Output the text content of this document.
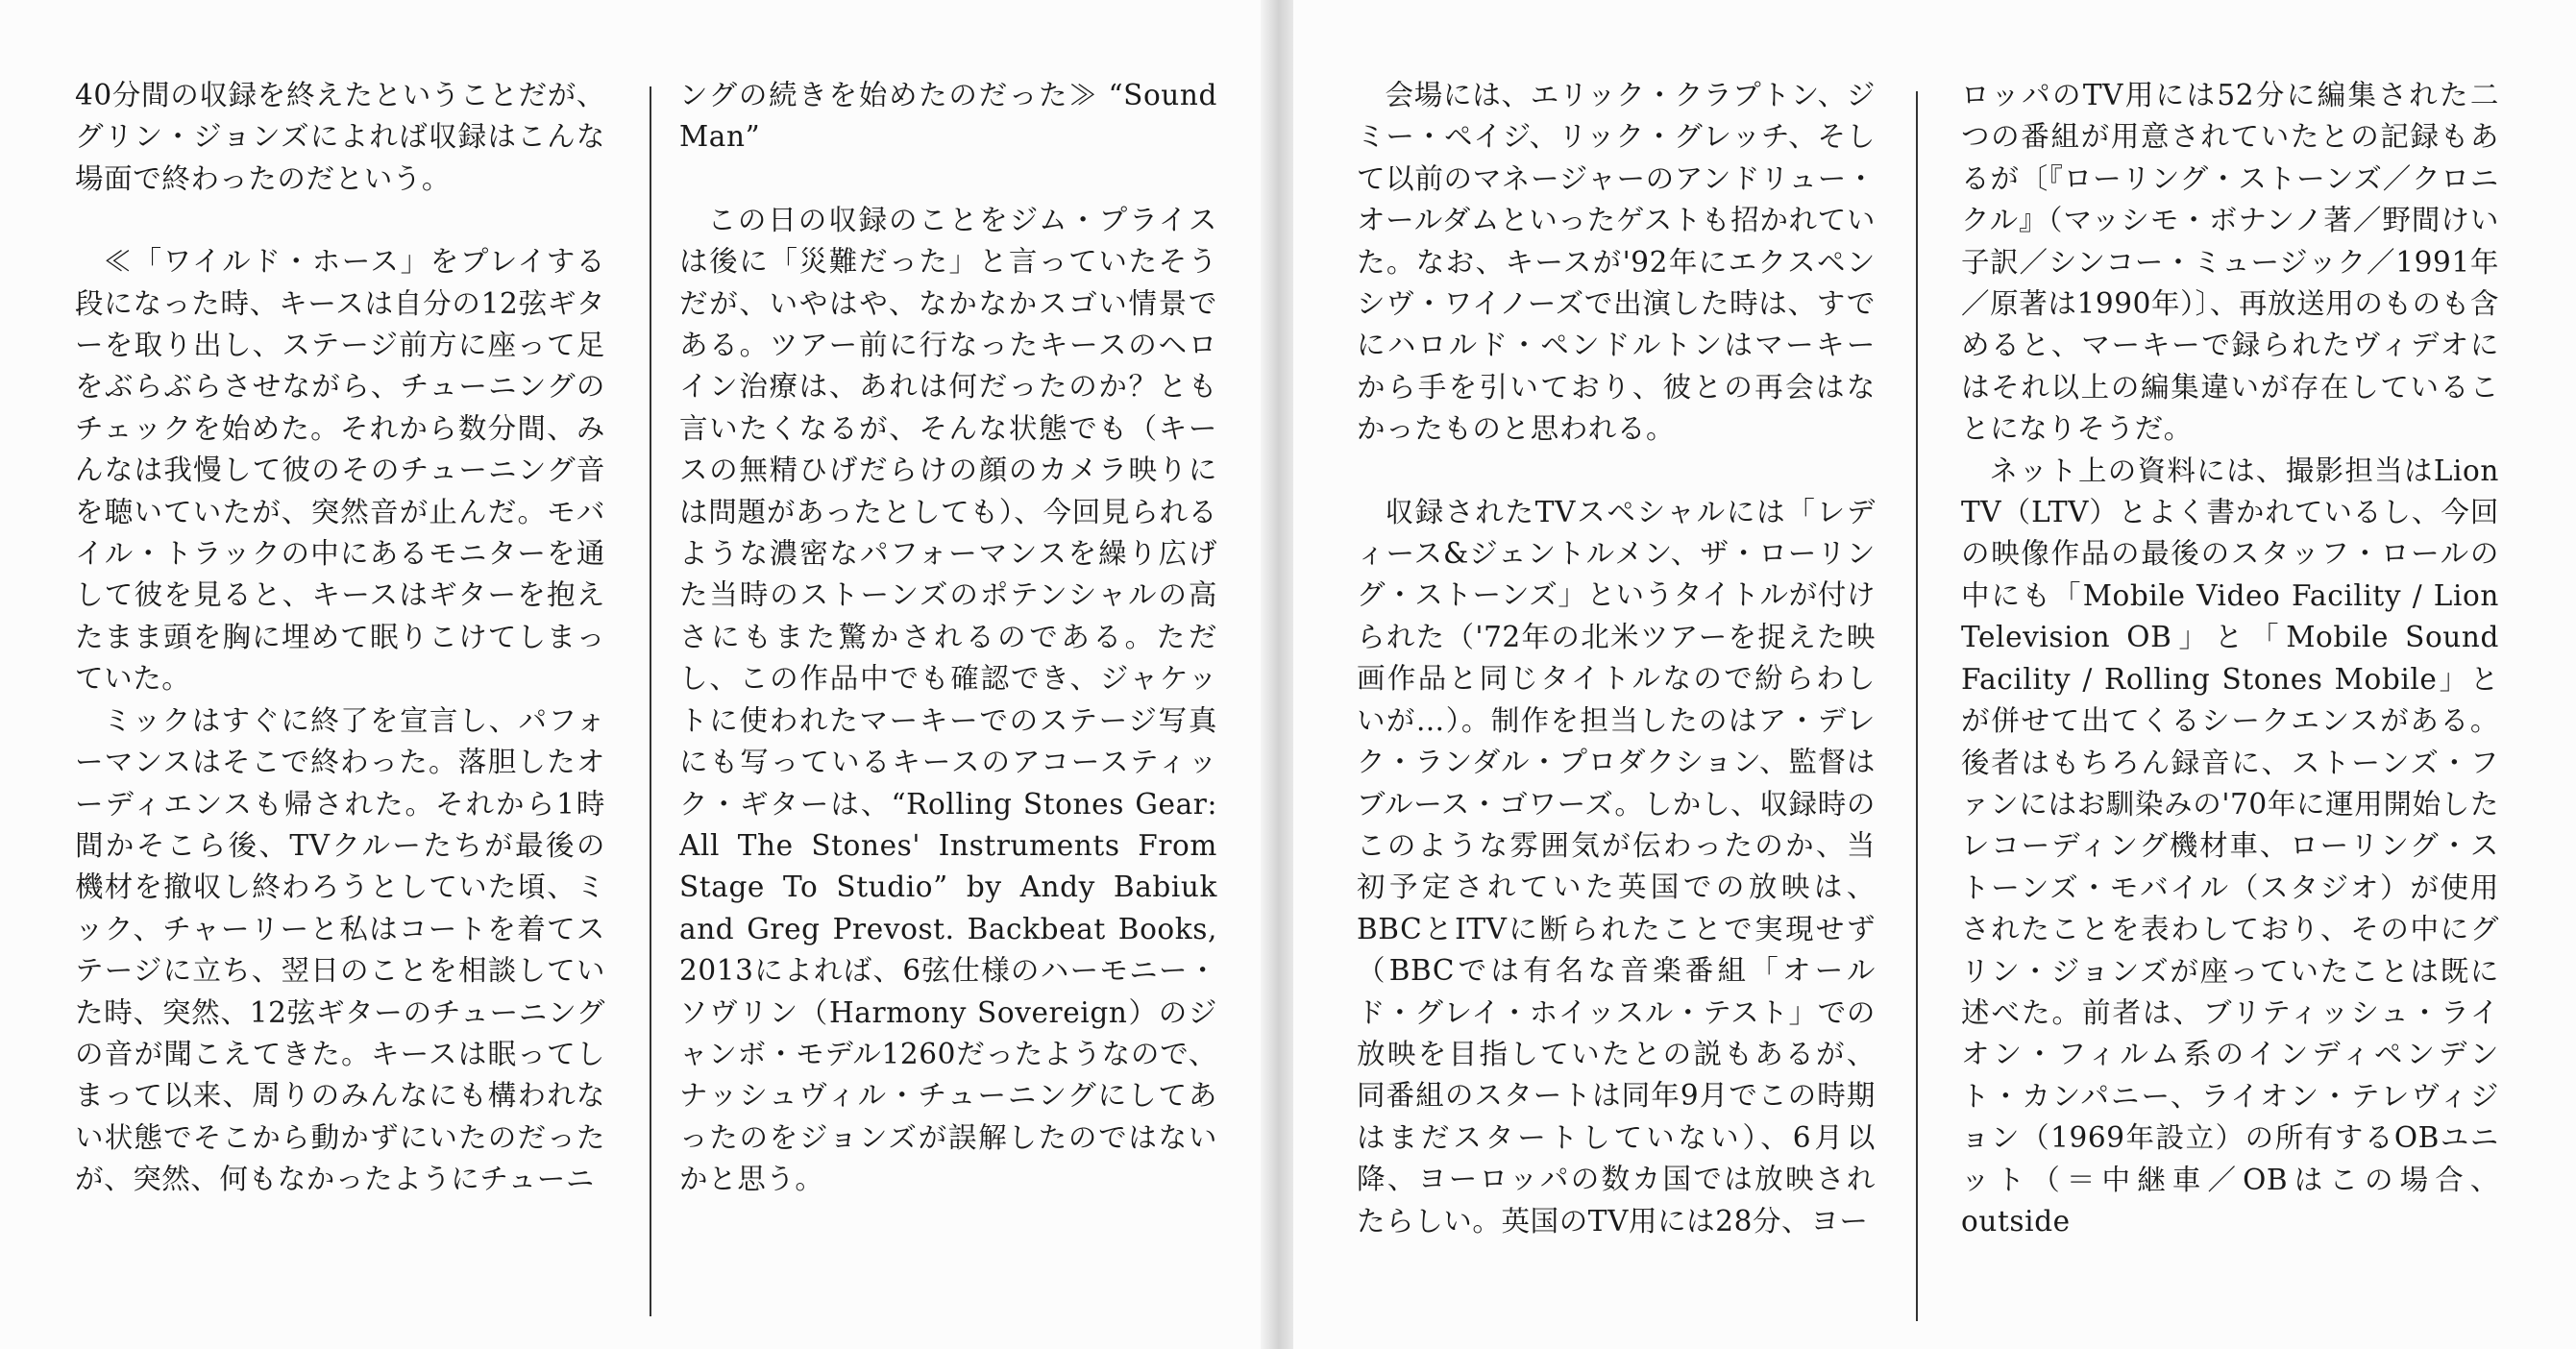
40分間の収録を終えたということだが、グリン・ジョンズによれば収録はこんな場面で終わったのだという。

≪「ワイルド・ホース」をプレイする段になった時、キースは自分の12弦ギターを取り出し、ステージ前方に座って足をぶらぶらさせながら、チューニングのチェックを始めた。それから数分間、みんなは我慢して彼のそのチューニング音を聴いていたが、突然音が止んだ。モバイル・トラックの中にあるモニターを通して彼を見ると、キースはギターを抱えたまま頭を胸に埋めて眠りこけてしまっていた。

ミックはすぐに終了を宣言し、パフォーマンスはそこで終わった。落胆したオーディエンスも帰された。それから1時間かそこら後、TVクルーたちが最後の機材を撤収し終わろうとしていた頃、ミック、チャーリーと私はコートを着てステージに立ち、翌日のことを相談していた時、突然、12弦ギターのチューニングの音が聞こえてきた。キースは眠ってしまって以来、周りのみんなにも構われない状態でそこから動かずにいたのだったが、突然、何もなかったようにチューニ

ングの続きを始めたのだった≫ “Sound Man”

この日の収録のことをジム・プライスは後に「災難だった」と言っていたそうだが、いやはや、なかなかスゴい情景である。ツアー前に行なったキースのヘロイン治療は、あれは何だったのか？とも言いたくなるが、そんな状態でも（キースの無精ひげだらけの顔のカメラ映りには問題があったとしても）、今回見られるような濃密なパフォーマンスを繰り広げた当時のストーンズのポテンシャルの高さにもまた驚かされるのである。ただし、この作品中でも確認でき、ジャケットに使われたマーキーでのステージ写真にも写っているキースのアコースティック・ギターは、“Rolling Stones Gear: All The Stones' Instruments From Stage To Studio” by Andy Babiuk and Greg Prevost. Backbeat Books, 2013によれば、6弦仕様のハーモニー・ソヴリン（Harmony Sovereign）のジャンボ・モデル1260だったようなので、ナッシュヴィル・チューニングにしてあったのをジョンズが誤解したのではないかと思う。

会場には、エリック・クラプトン、ジミー・ペイジ、リック・グレッチ、そして以前のマネージャーのアンドリュー・オールダムといったゲストも招かれていた。なお、キースが'92年にエクスペンシヴ・ワイノーズで出演した時は、すでにハロルド・ペンドルトンはマーキーから手を引いており、彼との再会はなかったものと思われる。

収録されたTVスペシャルには「レディース&ジェントルメン、ザ・ローリング・ストーンズ」というタイトルが付けられた（'72年の北米ツアーを捉えた映画作品と同じタイトルなので紛らわしいが…）。制作を担当したのはア・デレク・ランダル・プロダクション、監督はブルース・ゴワーズ。しかし、収録時のこのような雰囲気が伝わったのか、当初予定されていた英国での放映は、BBCとITVに断られたことで実現せず（BBCでは有名な音楽番組「オールド・グレイ・ホイッスル・テスト」での放映を目指していたとの説もあるが、同番組のスタートは同年9月でこの時期はまだスタートしていない）、6月以降、ヨーロッパの数カ国では放映されたらしい。英国のTV用には28分、ヨー

ロッパのTV用には52分に編集された二つの番組が用意されていたとの記録もあるが〔『ローリング・ストーンズ／クロニクル』（マッシモ・ボナンノ著／野間けい子訳／シンコー・ミュージック／1991年／原著は1990年）〕、再放送用のものも含めると、マーキーで録られたヴィデオにはそれ以上の編集違いが存在していることになりそうだ。

ネット上の資料には、撮影担当はLion TV（LTV）とよく書かれているし、今回の映像作品の最後のスタッフ・ロールの中にも「Mobile Video Facility / Lion Television OB」と「Mobile Sound Facility / Rolling Stones Mobile」とが併せて出てくるシークエンスがある。後者はもちろん録音に、ストーンズ・ファンにはお馴染みの'70年に運用開始したレコーディング機材車、ローリング・ストーンズ・モバイル（スタジオ）が使用されたことを表わしており、その中にグリン・ジョンズが座っていたことは既に述べた。前者は、ブリティッシュ・ライオン・フィルム系のインディペンデント・カンパニー、ライオン・テレヴィジョン（1969年設立）の所有するOBユニット（＝中継車／OBはこの場合、outside
